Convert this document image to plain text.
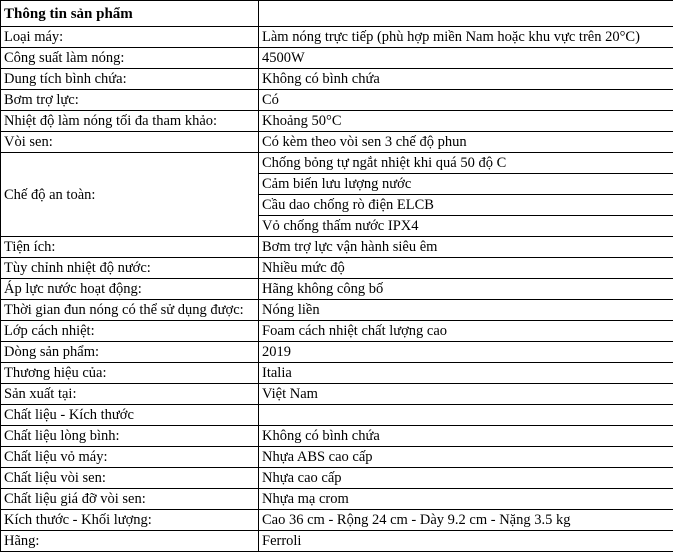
Thông tin sản phẩm	
Loại máy:	Làm nóng trực tiếp (phù hợp miền Nam hoặc khu vực trên 20°C)
Công suất làm nóng:	4500W
Dung tích bình chứa:	Không có bình chứa
Bơm trợ lực:	Có
Nhiệt độ làm nóng tối đa tham khảo:	Khoảng 50°C
Vòi sen:	Có kèm theo vòi sen 3 chế độ phun
Chế độ an toàn:	Chống bỏng tự ngắt nhiệt khi quá 50 độ C
	Cảm biến lưu lượng nước
	Cầu dao chống rò điện ELCB
	Vỏ chống thấm nước IPX4
Tiện ích:	Bơm trợ lực vận hành siêu êm
Tùy chỉnh nhiệt độ nước:	Nhiều mức độ
Áp lực nước hoạt động:	Hãng không công bố
Thời gian đun nóng có thể sử dụng được:	Nóng liền
Lớp cách nhiệt:	Foam cách nhiệt chất lượng cao
Dòng sản phẩm:	2019
Thương hiệu của:	Italia
Sản xuất tại:	Việt Nam
Chất liệu - Kích thước	
Chất liệu lòng bình:	Không có bình chứa
Chất liệu vỏ máy:	Nhựa ABS cao cấp
Chất liệu vòi sen:	Nhựa cao cấp
Chất liệu giá đỡ vòi sen:	Nhựa mạ crom
Kích thước - Khối lượng:	Cao 36 cm - Rộng 24 cm - Dày 9.2 cm - Nặng 3.5 kg
Hãng:	Ferroli
